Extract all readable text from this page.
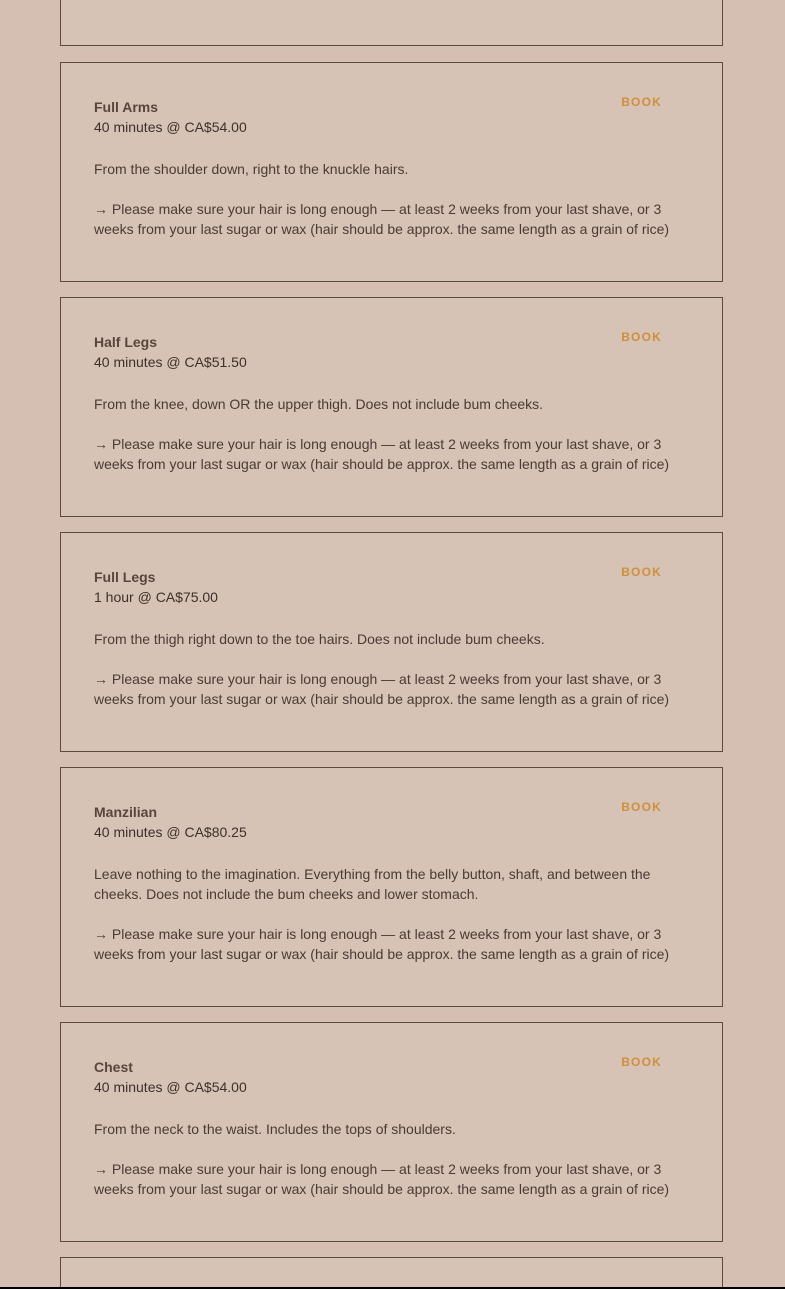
BOOK

Full Arms

40 minutes @ CA$54.00

From the shoulder down, right to the knuckle hairs.

→ Please make sure your hair is long enough — at least 2 weeks from your last shave, or 3 weeks from your last sugar or wax (hair should be approx. the same length as a grain of rice)

BOOK

Half Legs

40 minutes @ CA$51.50

From the knee, down OR the upper thigh. Does not include bum cheeks.

→ Please make sure your hair is long enough — at least 2 weeks from your last shave, or 3 weeks from your last sugar or wax (hair should be approx. the same length as a grain of rice)

BOOK

Full Legs

1 hour @ CA$75.00

From the thigh right down to the toe hairs. Does not include bum cheeks.

→ Please make sure your hair is long enough — at least 2 weeks from your last shave, or 3 weeks from your last sugar or wax (hair should be approx. the same length as a grain of rice)

BOOK

Manzilian

40 minutes @ CA$80.25

Leave nothing to the imagination. Everything from the belly button, shaft, and between the cheeks. Does not include the bum cheeks and lower stomach.

→ Please make sure your hair is long enough — at least 2 weeks from your last shave, or 3 weeks from your last sugar or wax (hair should be approx. the same length as a grain of rice)

BOOK

Chest

40 minutes @ CA$54.00

From the neck to the waist. Includes the tops of shoulders.

→ Please make sure your hair is long enough — at least 2 weeks from your last shave, or 3 weeks from your last sugar or wax (hair should be approx. the same length as a grain of rice)
